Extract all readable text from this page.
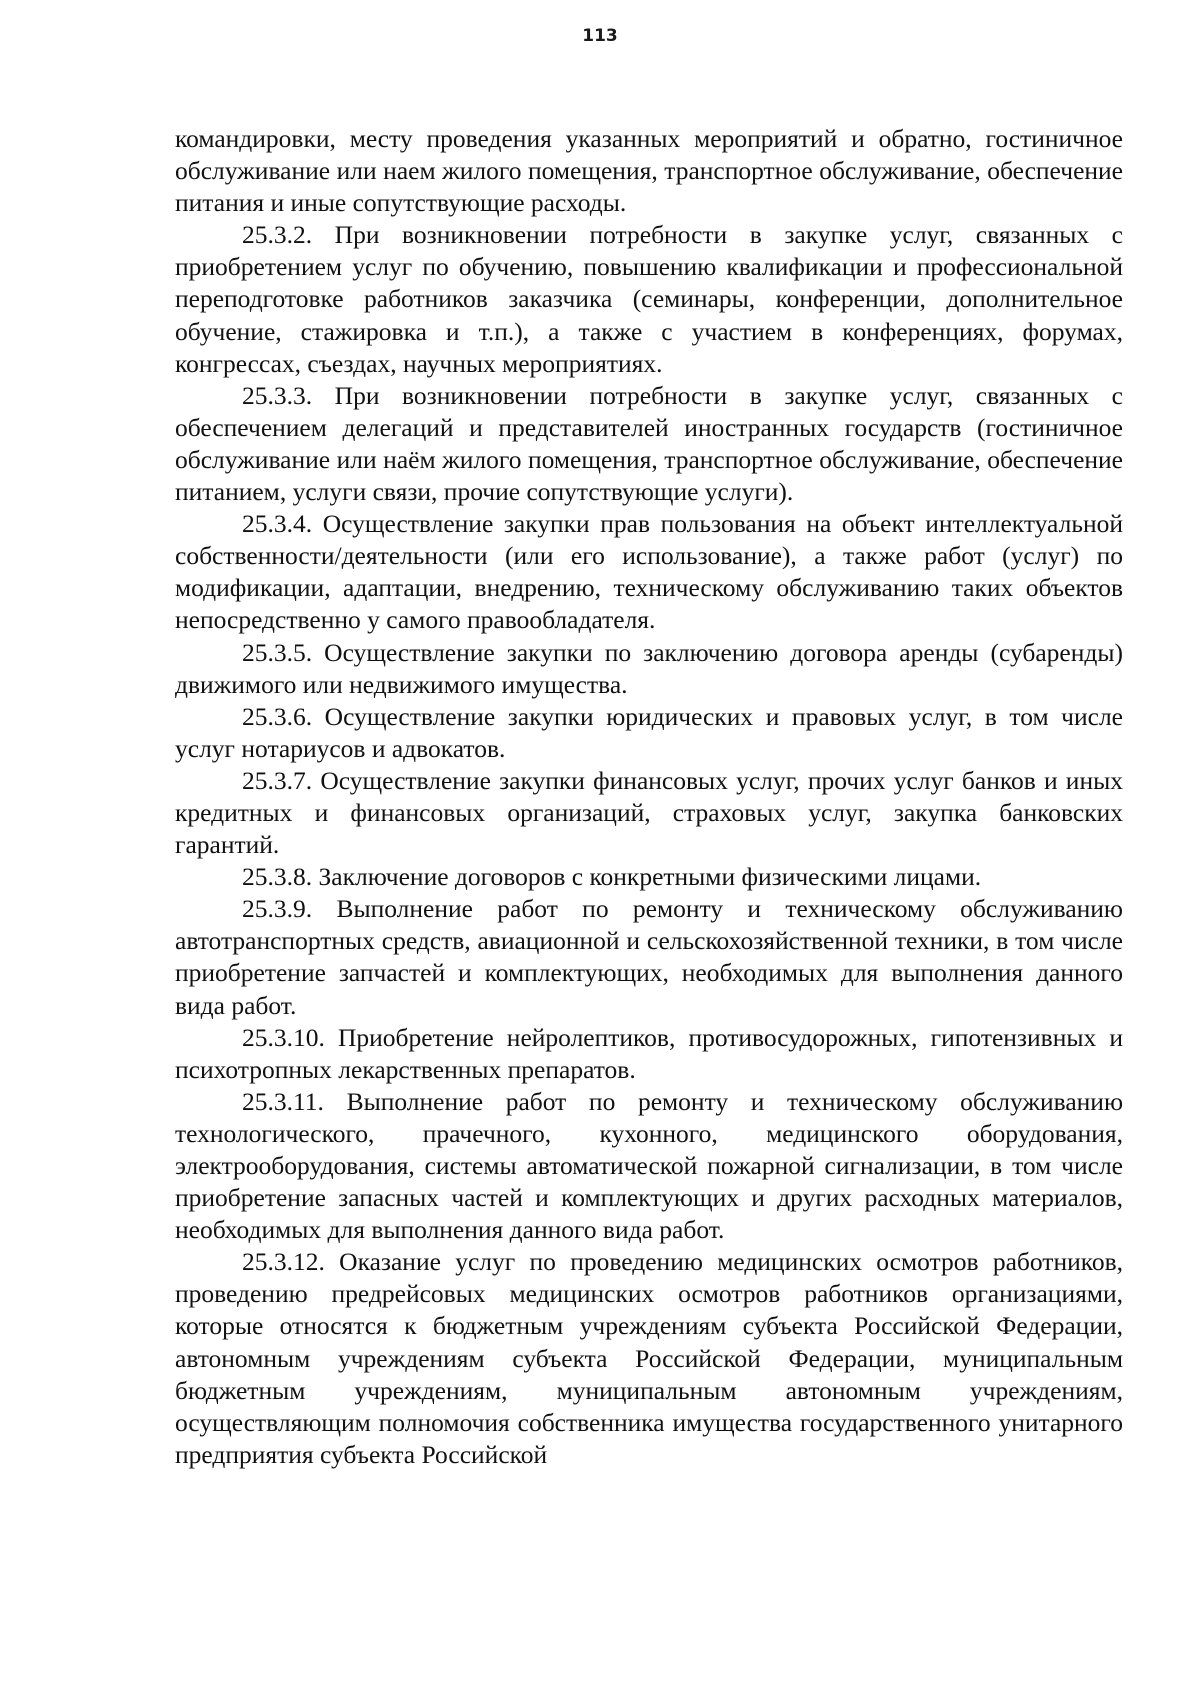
113

командировки, месту проведения указанных мероприятий и обратно, гостиничное обслуживание или наем жилого помещения, транспортное обслуживание, обеспечение питания и иные сопутствующие расходы.

25.3.2. При возникновении потребности в закупке услуг, связанных с приобретением услуг по обучению, повышению квалификации и профессиональной переподготовке работников заказчика (семинары, конференции, дополнительное обучение, стажировка и т.п.), а также с участием в конференциях, форумах, конгрессах, съездах, научных мероприятиях.

25.3.3. При возникновении потребности в закупке услуг, связанных с обеспечением делегаций и представителей иностранных государств (гостиничное обслуживание или наём жилого помещения, транспортное обслуживание, обеспечение питанием, услуги связи, прочие сопутствующие услуги).

25.3.4. Осуществление закупки прав пользования на объект интеллектуальной собственности/деятельности (или его использование), а также работ (услуг) по модификации, адаптации, внедрению, техническому обслуживанию таких объектов непосредственно у самого правообладателя.

25.3.5. Осуществление закупки по заключению договора аренды (субаренды) движимого или недвижимого имущества.

25.3.6. Осуществление закупки юридических и правовых услуг, в том числе услуг нотариусов и адвокатов.

25.3.7. Осуществление закупки финансовых услуг, прочих услуг банков и иных кредитных и финансовых организаций, страховых услуг, закупка банковских гарантий.

25.3.8. Заключение договоров с конкретными физическими лицами.

25.3.9. Выполнение работ по ремонту и техническому обслуживанию автотранспортных средств, авиационной и сельскохозяйственной техники, в том числе приобретение запчастей и комплектующих, необходимых для выполнения данного вида работ.

25.3.10. Приобретение нейролептиков, противосудорожных, гипотензивных и психотропных лекарственных препаратов.

25.3.11. Выполнение работ по ремонту и техническому обслуживанию технологического, прачечного, кухонного, медицинского оборудования, электрооборудования, системы автоматической пожарной сигнализации, в том числе приобретение запасных частей и комплектующих и других расходных материалов, необходимых для выполнения данного вида работ.

25.3.12. Оказание услуг по проведению медицинских осмотров работников, проведению предрейсовых медицинских осмотров работников организациями, которые относятся к бюджетным учреждениям субъекта Российской Федерации, автономным учреждениям субъекта Российской Федерации, муниципальным бюджетным учреждениям, муниципальным автономным учреждениям, осуществляющим полномочия собственника имущества государственного унитарного предприятия субъекта Российской
